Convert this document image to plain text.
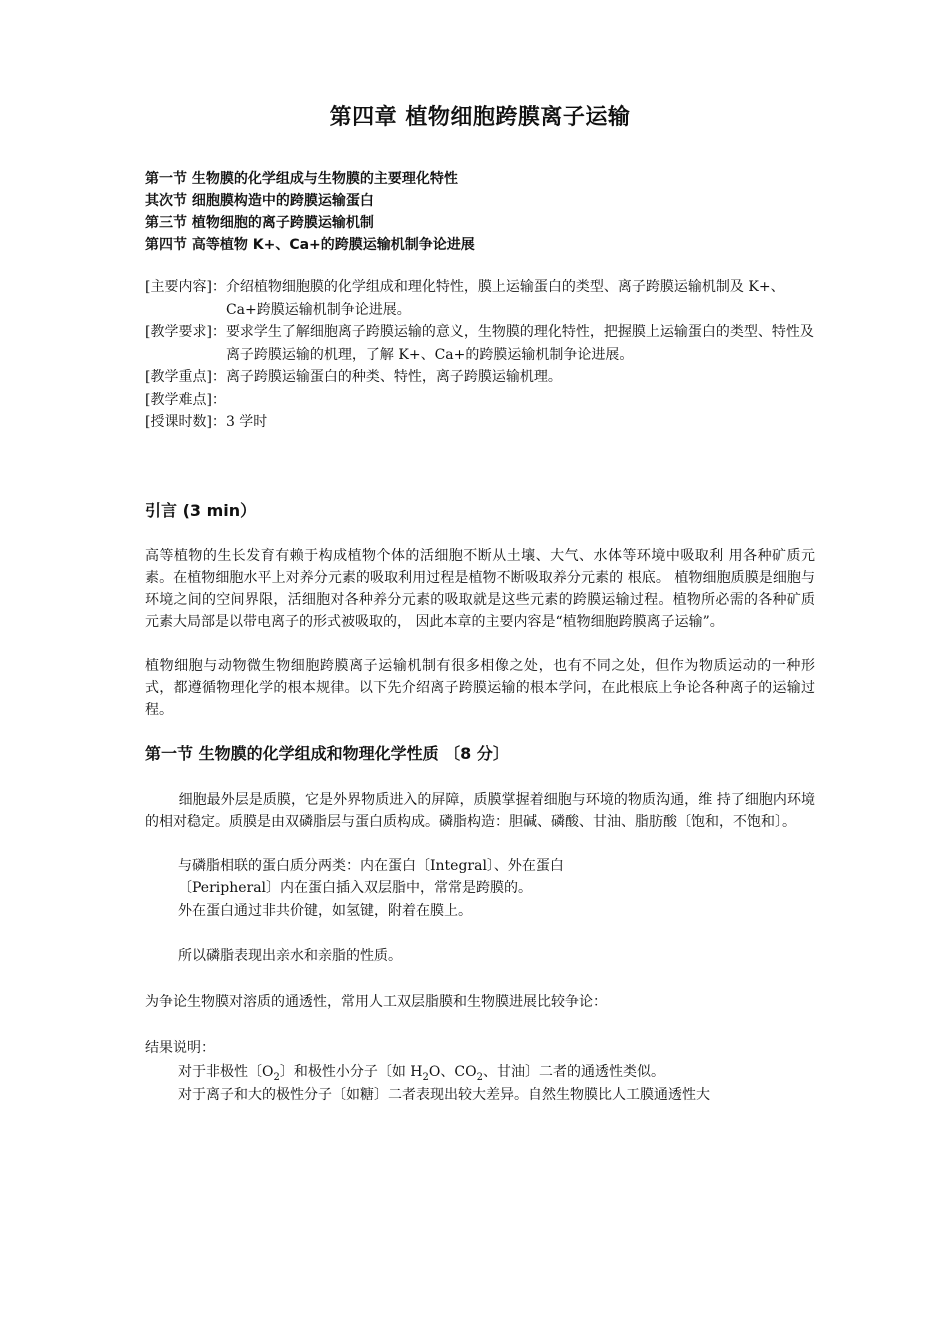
第四章 植物细胞跨膜离子运输
第一节 生物膜的化学组成与生物膜的主要理化特性
其次节 细胞膜构造中的跨膜运输蛋白
第三节 植物细胞的离子跨膜运输机制
第四节 高等植物 K+、Ca+的跨膜运输机制争论进展
[主要内容]： 介绍植物细胞膜的化学组成和理化特性，膜上运输蛋白的类型、离子跨膜运输机制及 K+、Ca+跨膜运输机制争论进展。
[教学要求]： 要求学生了解细胞离子跨膜运输的意义，生物膜的理化特性，把握膜上运输蛋白的类型、特性及离子跨膜运输的机理，了解 K+、Ca+的跨膜运输机制争论进展。
[教学重点]： 离子跨膜运输蛋白的种类、特性，离子跨膜运输机理。
[教学难点]：
[授课时数]： 3 学时
引言 (3 min）
高等植物的生长发育有赖于构成植物个体的活细胞不断从土壤、大气、水体等环境中吸取利 用各种矿质元素。在植物细胞水平上对养分元素的吸取利用过程是植物不断吸取养分元素的 根底。 植物细胞质膜是细胞与环境之间的空间界限，活细胞对各种养分元素的吸取就是这些元素的跨膜运输过程。植物所必需的各种矿质元素大局部是以带电离子的形式被吸取的， 因此本章的主要内容是“植物细胞跨膜离子运输”。
植物细胞与动物微生物细胞跨膜离子运输机制有很多相像之处，也有不同之处，但作为物质运动的一种形式，都遵循物理化学的根本规律。以下先介绍离子跨膜运输的根本学问，在此根底上争论各种离子的运输过程。
第一节 生物膜的化学组成和物理化学性质 〔8 分〕
细胞最外层是质膜，它是外界物质进入的屏障，质膜掌握着细胞与环境的物质沟通，维 持了细胞内环境的相对稳定。质膜是由双磷脂层与蛋白质构成。磷脂构造：胆碱、磷酸、甘油、脂肪酸〔饱和，不饱和〕。
与磷脂相联的蛋白质分两类：内在蛋白〔Integral〕、外在蛋白
〔Peripheral〕内在蛋白插入双层脂中，常常是跨膜的。
外在蛋白通过非共价键，如氢键，附着在膜上。
所以磷脂表现出亲水和亲脂的性质。
为争论生物膜对溶质的通透性，常用人工双层脂膜和生物膜进展比较争论：
结果说明：
对于非极性〔$O_2$〕和极性小分子〔如 $H_2O$、$CO_2$、甘油〕二者的通透性类似。
对于离子和大的极性分子〔如糖〕二者表现出较大差异。自然生物膜比人工膜通透性大
